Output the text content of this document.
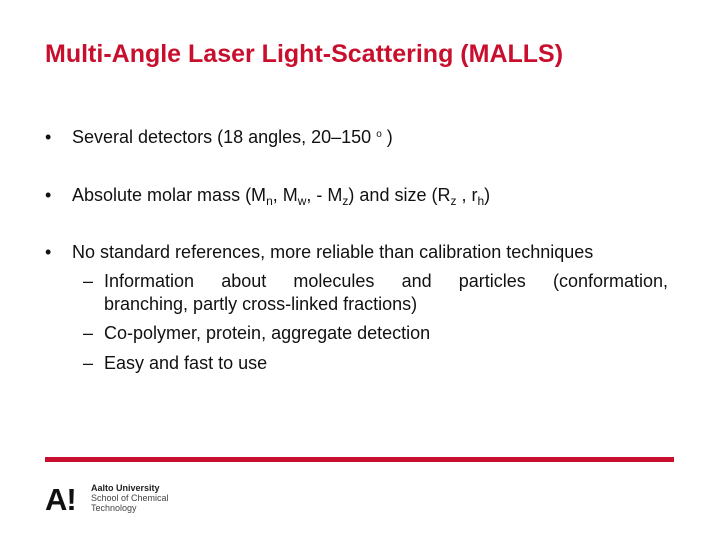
Multi-Angle Laser Light-Scattering (MALLS)
• Several detectors (18 angles, 20–150 $^o$ )
• Absolute molar mass ($M_n$, $M_w$, - $M_z$) and size ($R_z$ , $r_h$)
• No standard references, more reliable than calibration techniques
– Information about molecules and particles (conformation,
branching, partly cross-linked fractions)
– Co-polymer, protein, aggregate detection
– Easy and fast to use
A! Aalto University
School of Chemical
Technology
